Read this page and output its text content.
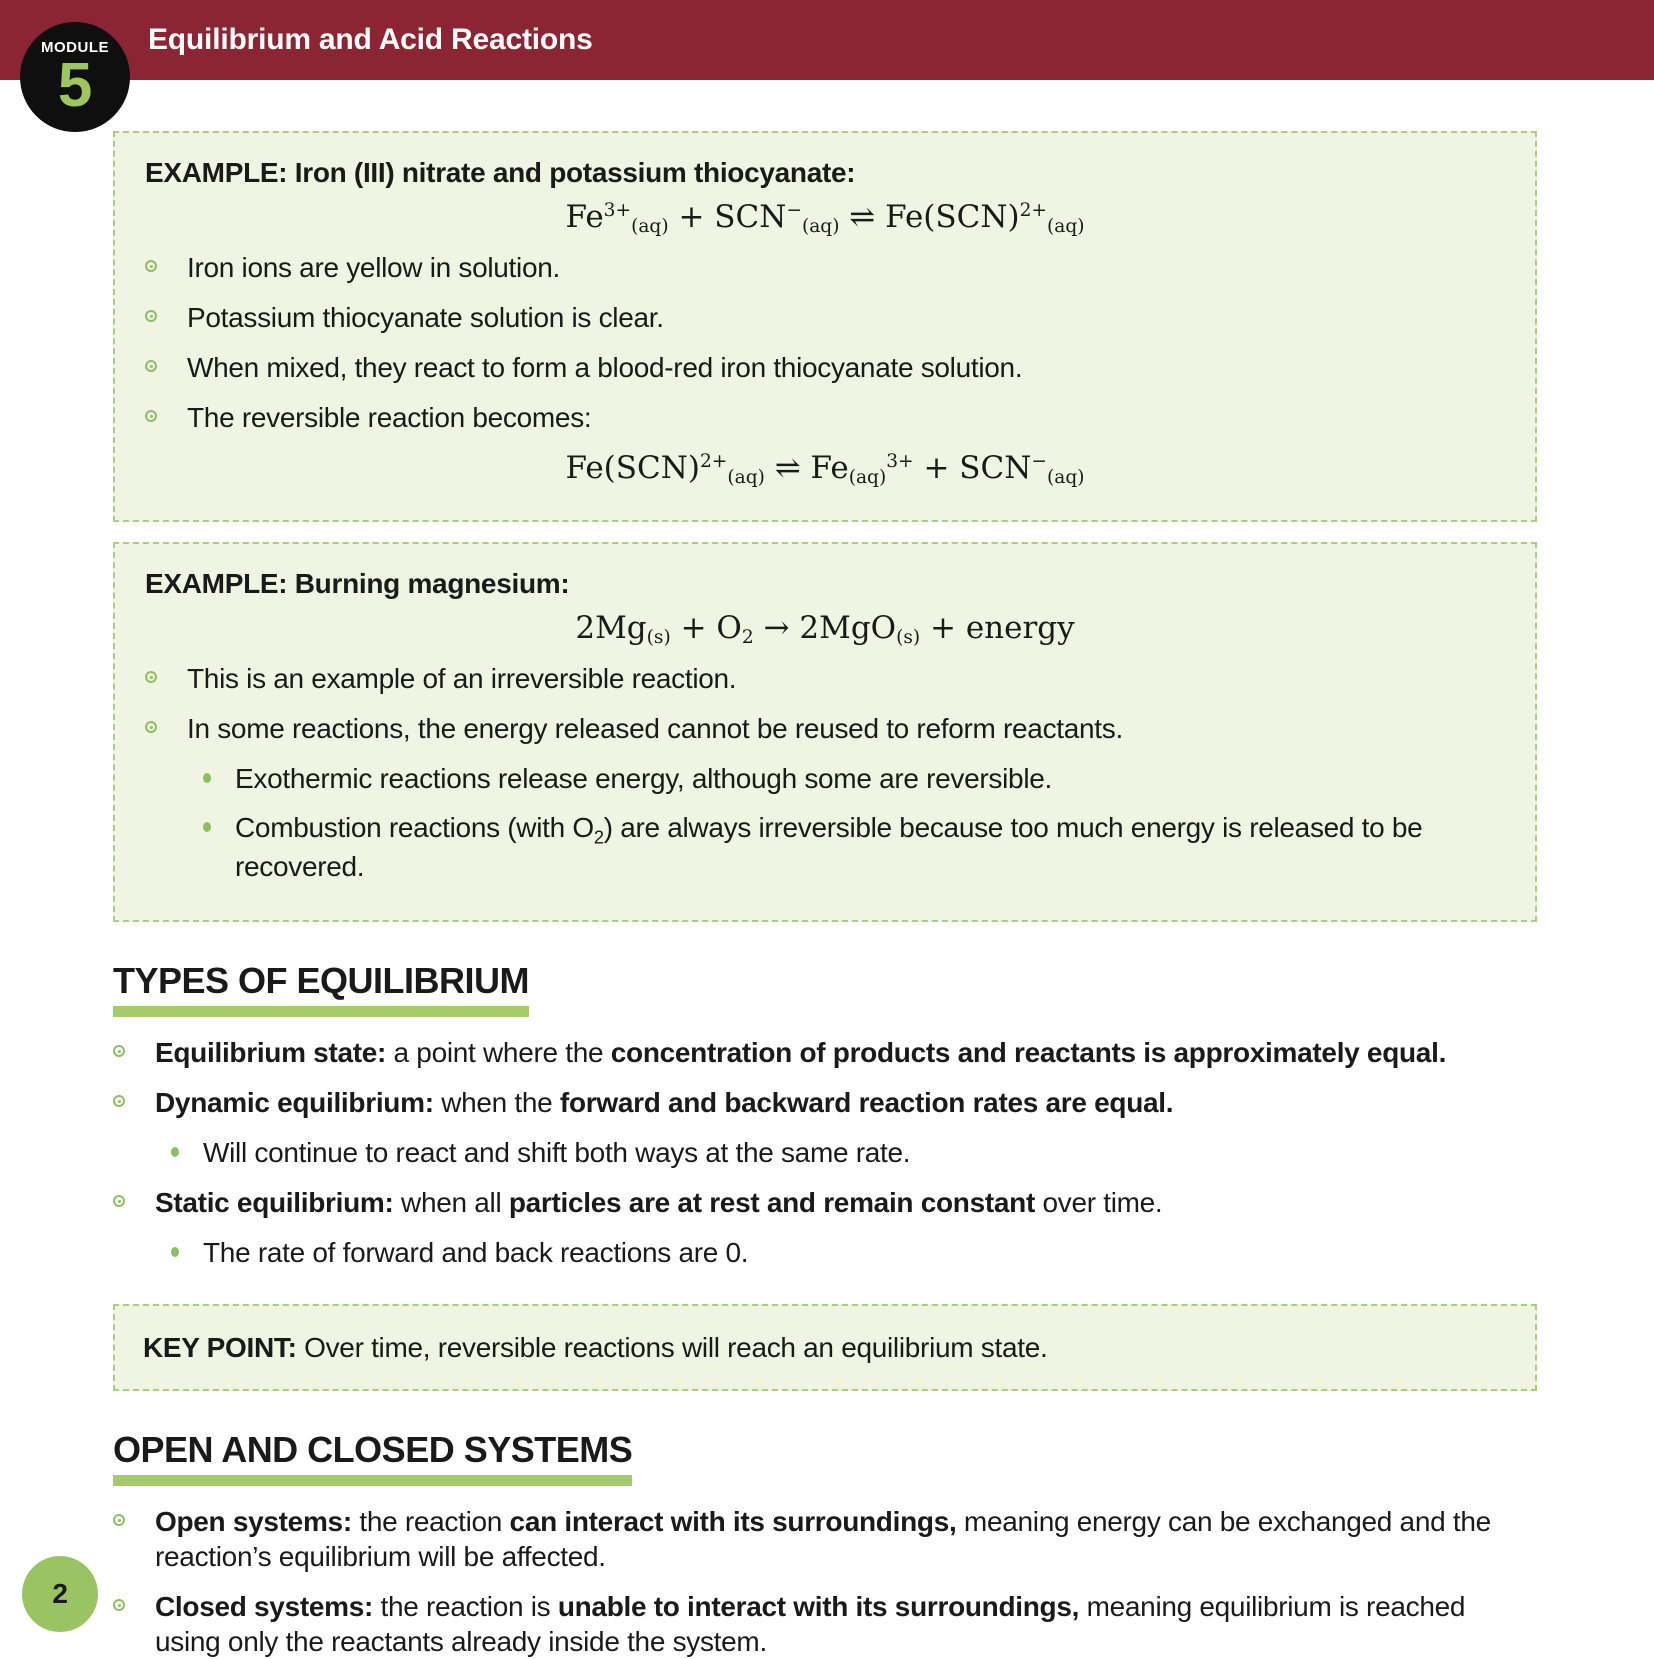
MODULE
5
Equilibrium and Acid Reactions
EXAMPLE: Iron (III) nitrate and potassium thiocyanate:
$Fe^{3+}_{(aq)} + SCN^-_{(aq)}$ ⇌ Fe(SCN)$^{2+}_{(aq)}$
Iron ions are yellow in solution.
Potassium thiocyanate solution is clear.
When mixed, they react to form a blood-red iron thiocyanate solution.
The reversible reaction becomes:
Fe(SCN)$^{2+}_{(aq)}$ ⇌ $Fe_{(aq)}^{3+} + SCN^-_{(aq)}$
EXAMPLE: Burning magnesium:
$2Mg_{(s)} + O_2 \to 2MgO_{(s)}$ + energy
This is an example of an irreversible reaction.
In some reactions, the energy released cannot be reused to reform reactants.
Exothermic reactions release energy, although some are reversible.
Combustion reactions (with $O_2$) are always irreversible because too much energy is released to be recovered.
TYPES OF EQUILIBRIUM
Equilibrium state: a point where the concentration of products and reactants is approximately equal.
Dynamic equilibrium: when the forward and backward reaction rates are equal.
Will continue to react and shift both ways at the same rate.
Static equilibrium: when all particles are at rest and remain constant over time.
The rate of forward and back reactions are 0.
KEY POINT: Over time, reversible reactions will reach an equilibrium state.
OPEN AND CLOSED SYSTEMS
Open systems: the reaction can interact with its surroundings, meaning energy can be exchanged and the reaction’s equilibrium will be affected.
Closed systems: the reaction is unable to interact with its surroundings, meaning equilibrium is reached using only the reactants already inside the system.
2
